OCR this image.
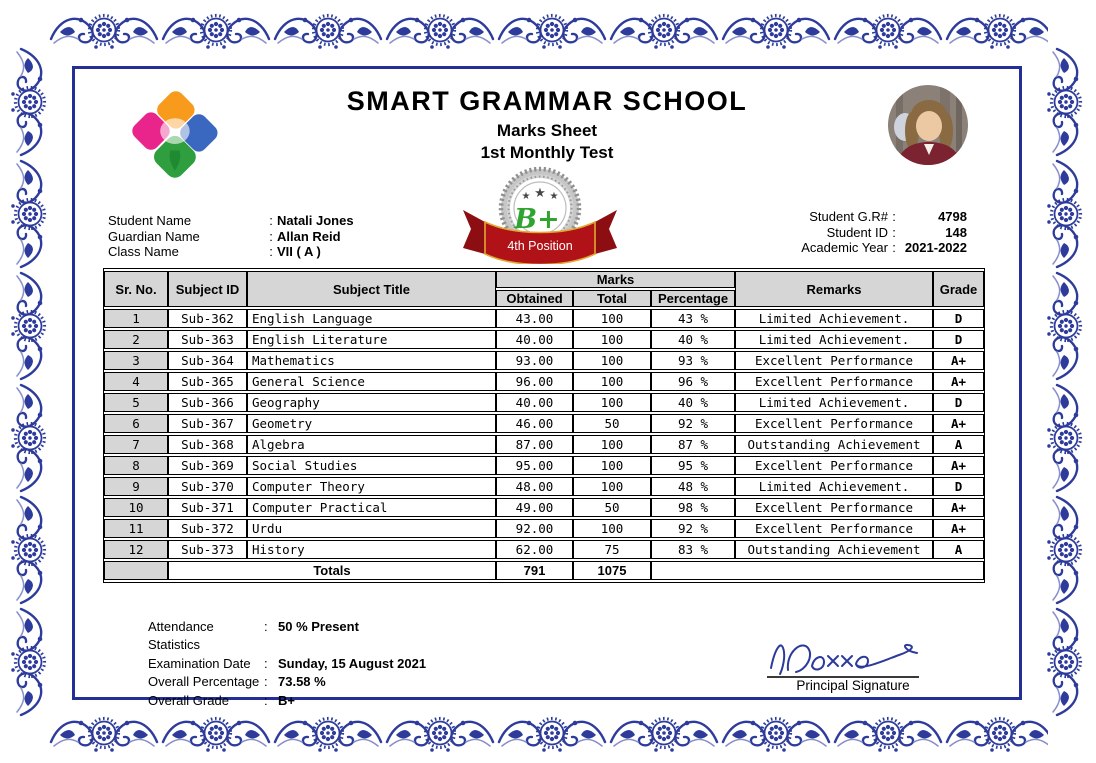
SMART GRAMMAR SCHOOL
Marks Sheet
1st Monthly Test
★ ★ ★
B+
4th Position
Student Name	: Natali Jones
Guardian Name	: Allan Reid
Class Name	: VII ( A )
Student G.R# :	4798
Student ID :	148
Academic Year : 2021-2022
Sr. No.	Subject ID	Subject Title	Marks			Remarks	Grade
			Obtained	Total	Percentage		
1	Sub-362	English Language	43.00	100	43 %	Limited Achievement.	D
2	Sub-363	English Literature	40.00	100	40 %	Limited Achievement.	D
3	Sub-364	Mathematics	93.00	100	93 %	Excellent Performance	A+
4	Sub-365	General Science	96.00	100	96 %	Excellent Performance	A+
5	Sub-366	Geography	40.00	100	40 %	Limited Achievement.	D
6	Sub-367	Geometry	46.00	50	92 %	Excellent Performance	A+
7	Sub-368	Algebra	87.00	100	87 %	Outstanding Achievement	A
8	Sub-369	Social Studies	95.00	100	95 %	Excellent Performance	A+
9	Sub-370	Computer Theory	48.00	100	48 %	Limited Achievement.	D
10	Sub-371	Computer Practical	49.00	50	98 %	Excellent Performance	A+
11	Sub-372	Urdu	92.00	100	92 %	Excellent Performance	A+
12	Sub-373	History	62.00	75	83 %	Outstanding Achievement	A
	Totals		791	1075			
Attendance Statistics
: 50 % Present
Examination Date	: Sunday, 15 August 2021
Overall Percentage : 73.58 %
Overall Grade	: B+
Principal Signature
